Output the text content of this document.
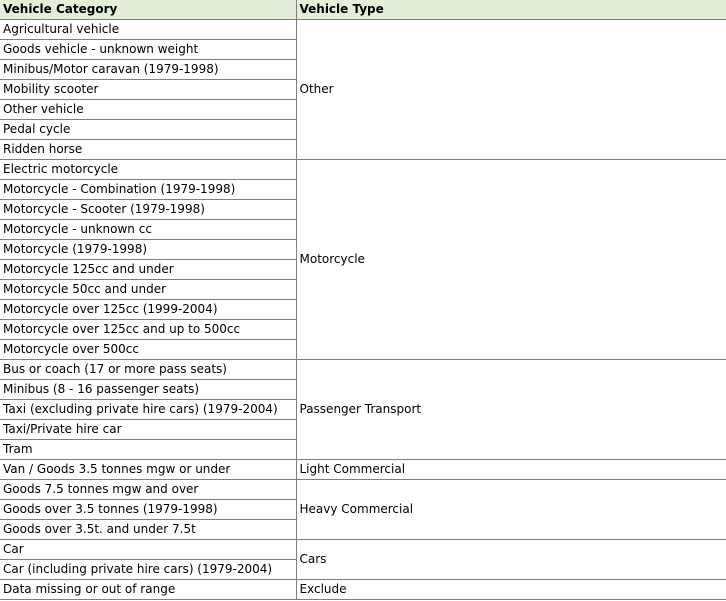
Vehicle Category	Vehicle Type
Agricultural vehicle	Other
Goods vehicle - unknown weight	
Minibus/Motor caravan (1979-1998)	
Mobility scooter	
Other vehicle	
Pedal cycle	
Ridden horse	
Electric motorcycle	Motorcycle
Motorcycle - Combination (1979-1998)	
Motorcycle - Scooter (1979-1998)	
Motorcycle - unknown cc	
Motorcycle (1979-1998)	
Motorcycle 125cc and under	
Motorcycle 50cc and under	
Motorcycle over 125cc (1999-2004)	
Motorcycle over 125cc and up to 500cc	
Motorcycle over 500cc	
Bus or coach (17 or more pass seats)	Passenger Transport
Minibus (8 - 16 passenger seats)	
Taxi (excluding private hire cars) (1979-2004)	
Taxi/Private hire car	
Tram	
Van / Goods 3.5 tonnes mgw or under	Light Commercial
Goods 7.5 tonnes mgw and over	Heavy Commercial
Goods over 3.5 tonnes (1979-1998)	
Goods over 3.5t. and under 7.5t	
Car	Cars
Car (including private hire cars) (1979-2004)	
Data missing or out of range	Exclude
